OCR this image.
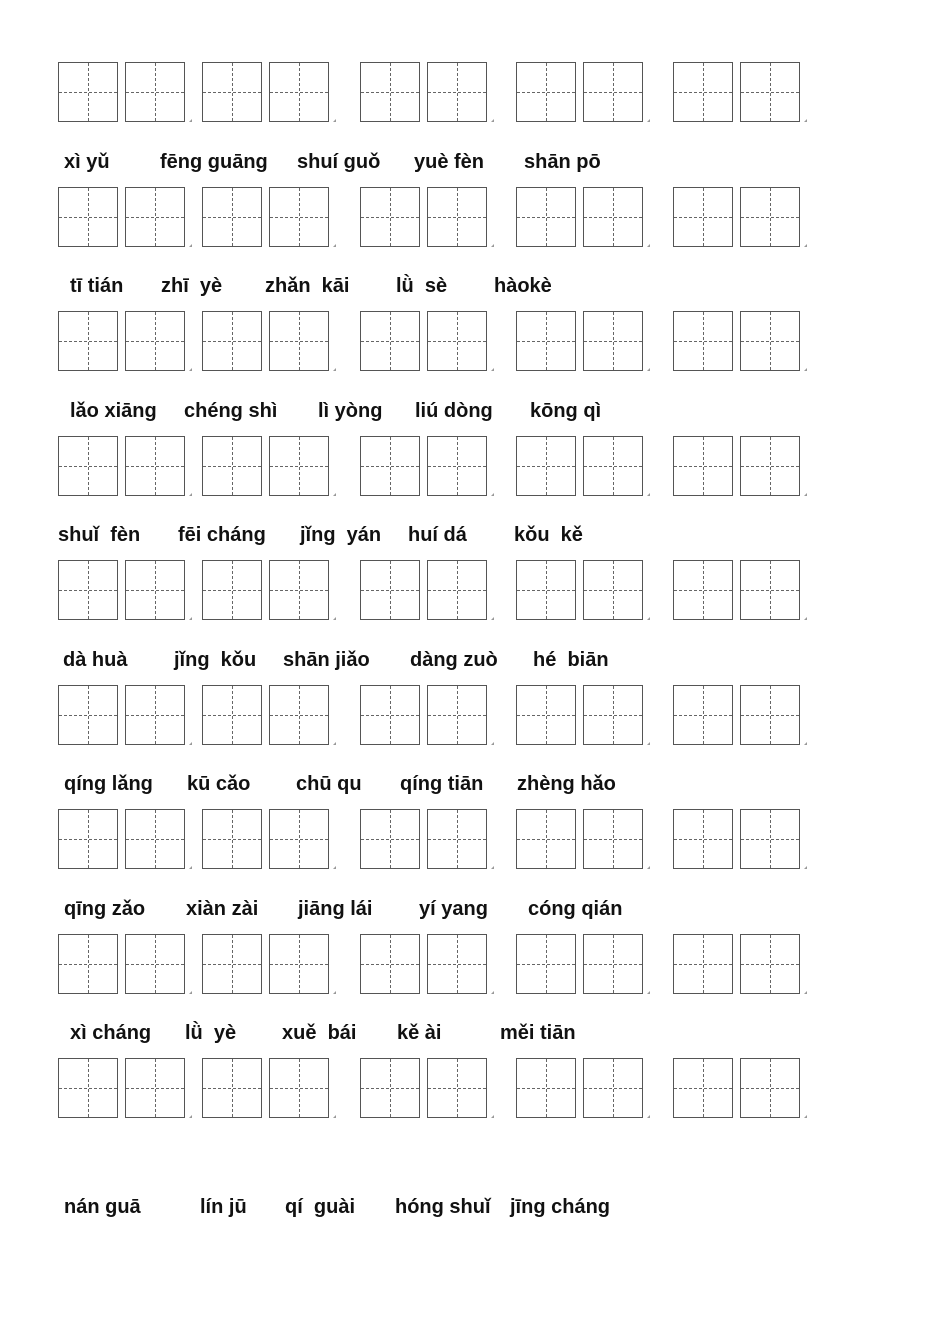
xì yǔ	fēng guāng shuí guǒ yuè fèn shān pō
tī tián zhī  yè zhǎn  kāi lǜ  sè hàokè
lǎo xiāng chéng shì lì yòng liú dòng kōng qì
shuǐ  fèn fēi cháng jǐng  yán huí dá kǒu  kě
dà huà jǐng  kǒu shān jiǎo dàng zuò hé  biān
qíng lǎng kū cǎo chū qu qíng tiān zhèng hǎo
qīng zǎo xiàn zài jiāng lái yí yang cóng qián
xì cháng lǜ  yè xuě  bái kě ài	měi tiān
nán guā	lín jū qí  guài hóng shuǐ jīng cháng
